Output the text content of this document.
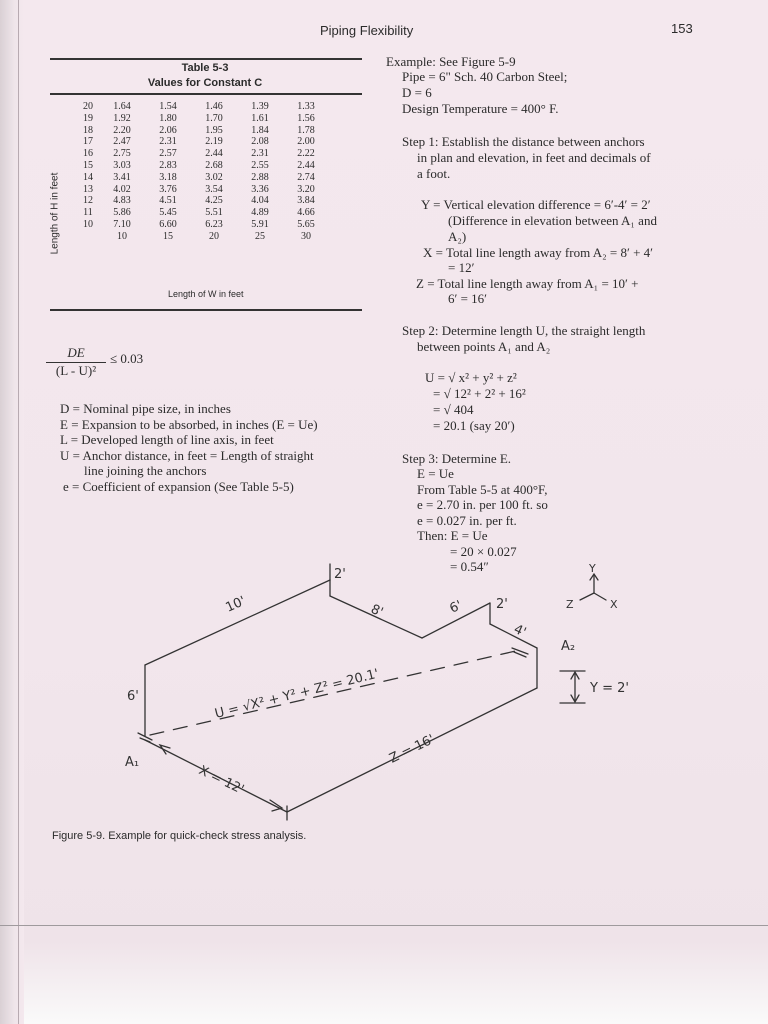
Piping Flexibility	153
Table 5-3
Values for Constant C
Length of H in feet
20	1.64	1.54	1.46	1.39	1.33
19	1.92	1.80	1.70	1.61	1.56
18	2.20	2.06	1.95	1.84	1.78
17	2.47	2.31	2.19	2.08	2.00
16	2.75	2.57	2.44	2.31	2.22
15	3.03	2.83	2.68	2.55	2.44
14	3.41	3.18	3.02	2.88	2.74
13	4.02	3.76	3.54	3.36	3.20
12	4.83	4.51	4.25	4.04	3.84
11	5.86	5.45	5.51	4.89	4.66
10	7.10	6.60	6.23	5.91	5.65
	10	15	20	25	30
Length of W in feet
$\frac{DE}{\text{(L - U)²}} \le 0.03$
D = Nominal pipe size, in inches
E = Expansion to be absorbed, in inches (E = Ue)
L = Developed length of line axis, in feet
U = Anchor distance, in feet = Length of straight
line joining the anchors
e = Coefficient of expansion (See Table 5-5)
Example: See Figure 5-9
Pipe = 6" Sch. 40 Carbon Steel;
D = 6
Design Temperature = 400° F.
Step 1: Establish the distance between anchors
in plan and elevation, in feet and decimals of
a foot.
Y = Vertical elevation difference = 6′-4′ = 2′
(Difference in elevation between A₁ and
A₂)
X = Total line length away from A₂ = 8′ + 4′
= 12′
Z = Total line length away from A₁ = 10′ +
6′ = 16′
Step 2: Determine length U, the straight length
between points A₁ and A₂
U = √ x² + y² + z²
= √ 12² + 2² + 16²
= √ 404
= 20.1 (say 20′)
Step 3: Determine E.
E = Ue
From Table 5-5 at 400°F,
e = 2.70 in. per 100 ft. so
e = 0.027 in. per ft.
Then: E = Ue
= 20 × 0.027
= 0.54″
2'
10'	8'	6' 2'
4'
A₂
6'	U = √X² + Y² + Z² = 20.1'	Y = 2'
Z = 16'
A₁
X = 12'
Y
Z	X
Figure 5-9. Example for quick-check stress analysis.
